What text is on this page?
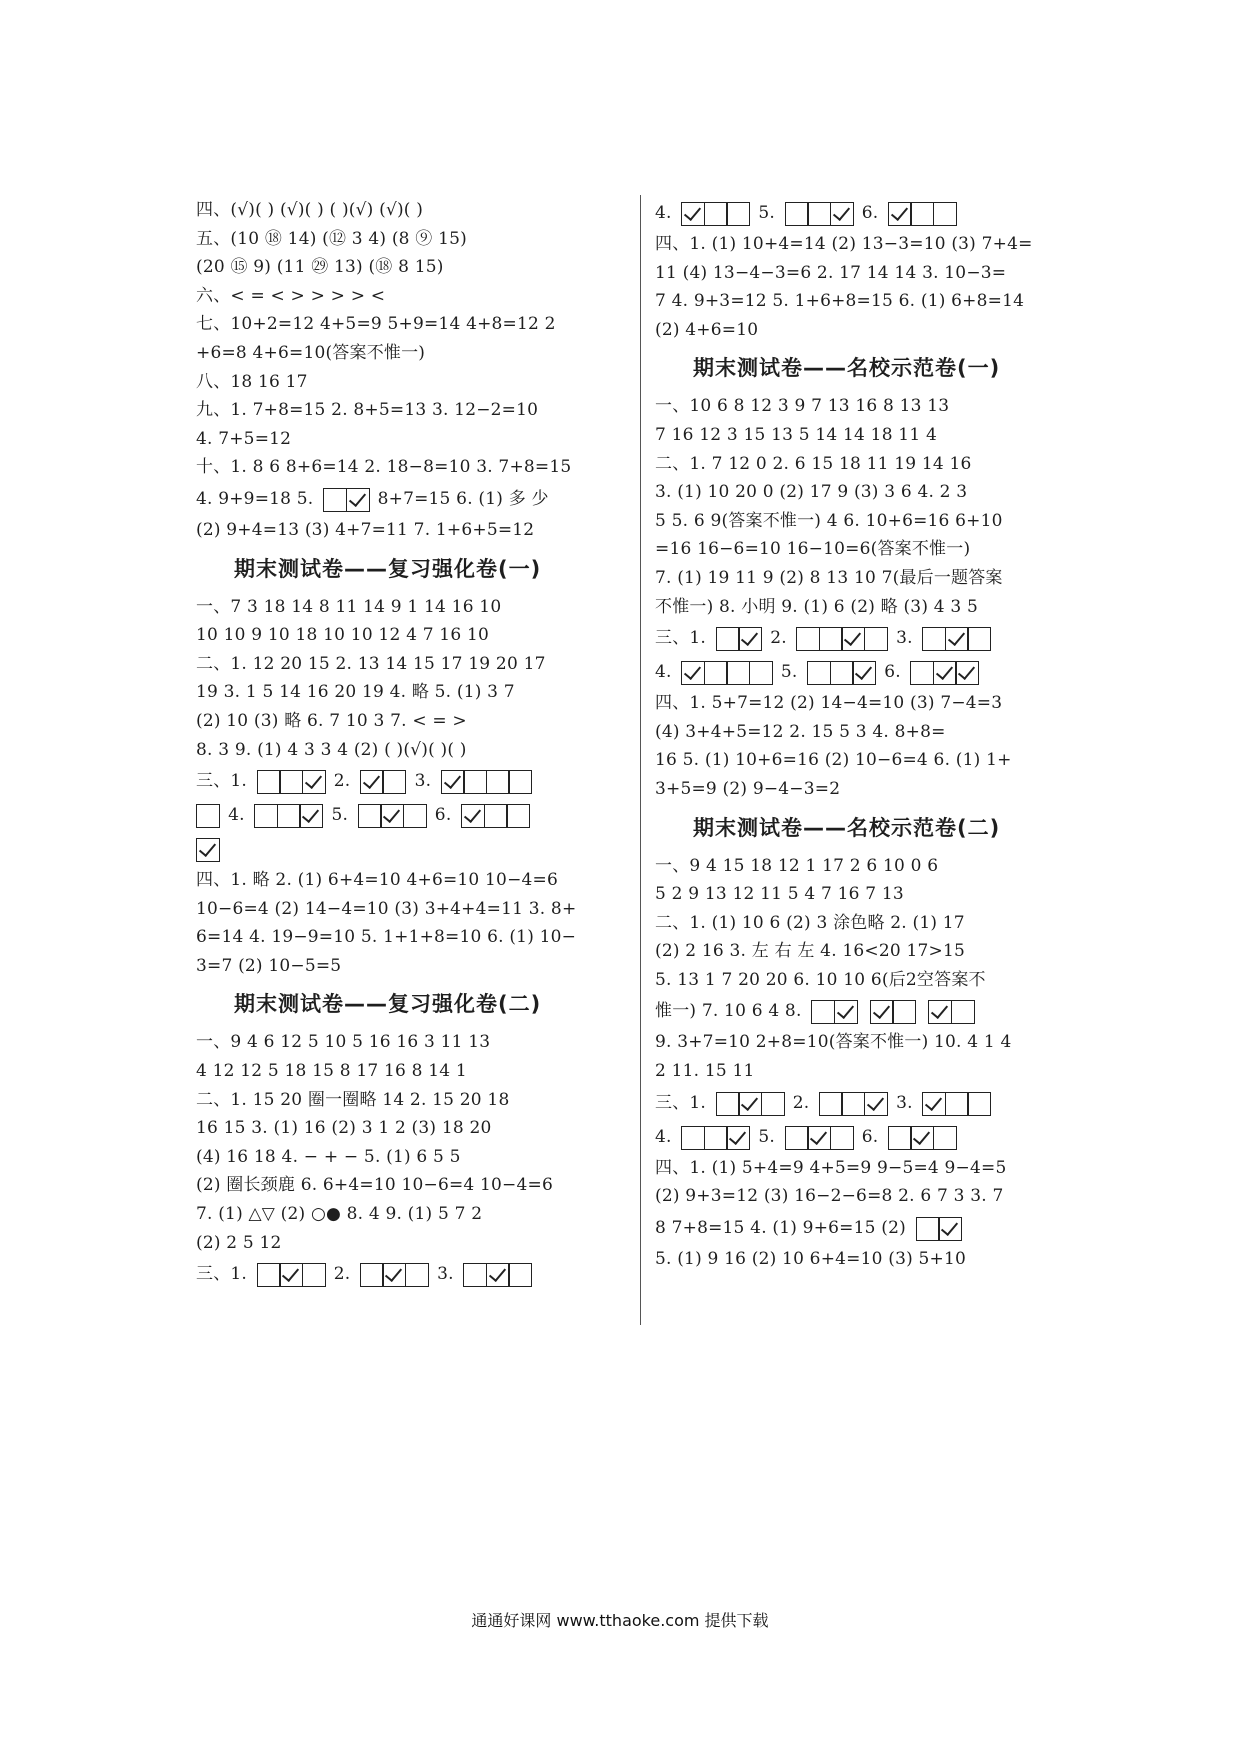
四、(√)( ) (√)( ) ( )(√) (√)( )
五、(10 ⑱ 14) (⑫ 3 4) (8 ⑨ 15)
(20 ⑮ 9) (11 ㉙ 13) (⑱ 8 15)
六、< = < > > > > <
七、10+2=12 4+5=9 5+9=14 4+8=12 2
+6=8 4+6=10(答案不惟一)
八、18 16 17
九、1. 7+8=15 2. 8+5=13 3. 12−2=10
4. 7+5=12
十、1. 8 6 8+6=14 2. 18−8=10 3. 7+8=15
4. 9+9=18 5.	8+7=15 6. (1) 多 少
(2) 9+4=13 (3) 4+7=11 7. 1+6+5=12
期末测试卷——复习强化卷(一)
一、7 3 18 14 8 11 14 9 1 14 16 10
10 10 9 10 18 10 10 12 4 7 16 10
二、1. 12 20 15 2. 13 14 15 17 19 20 17
19 3. 1 5 14 16 20 19 4. 略 5. (1) 3 7
(2) 10 (3) 略 6. 7 10 3 7. < = >
8. 3 9. (1) 4 3 3 4 (2) ( )(√)( )( )
三、1.	2.	3.
4.	5.	6.
四、1. 略 2. (1) 6+4=10 4+6=10 10−4=6
10−6=4 (2) 14−4=10 (3) 3+4+4=11 3. 8+
6=14 4. 19−9=10 5. 1+1+8=10 6. (1) 10−
3=7 (2) 10−5=5
期末测试卷——复习强化卷(二)
一、9 4 6 12 5 10 5 16 16 3 11 13
4 12 12 5 18 15 8 17 16 8 14 1
二、1. 15 20 圈一圈略 14 2. 15 20 18
16 15 3. (1) 16 (2) 3 1 2 (3) 18 20
(4) 16 18 4. − + − 5. (1) 6 5 5
(2) 圈长颈鹿 6. 6+4=10 10−6=4 10−4=6
7. (1) △▽ (2) ○● 8. 4 9. (1) 5 7 2
(2) 2 5 12
三、1.	2.	3.
4.	5.	6.
四、1. (1) 10+4=14 (2) 13−3=10 (3) 7+4=
11 (4) 13−4−3=6 2. 17 14 14 3. 10−3=
7 4. 9+3=12 5. 1+6+8=15 6. (1) 6+8=14
(2) 4+6=10
期末测试卷——名校示范卷(一)
一、10 6 8 12 3 9 7 13 16 8 13 13
7 16 12 3 15 13 5 14 14 18 11 4
二、1. 7 12 0 2. 6 15 18 11 19 14 16
3. (1) 10 20 0 (2) 17 9 (3) 3 6 4. 2 3
5 5. 6 9(答案不惟一) 4 6. 10+6=16 6+10
=16 16−6=10 16−10=6(答案不惟一)
7. (1) 19 11 9 (2) 8 13 10 7(最后一题答案
不惟一) 8. 小明 9. (1) 6 (2) 略 (3) 4 3 5
三、1.	2.	3.
4.	5.	6.
四、1. 5+7=12 (2) 14−4=10 (3) 7−4=3
(4) 3+4+5=12 2. 15 5 3 4. 8+8=
16 5. (1) 10+6=16 (2) 10−6=4 6. (1) 1+
3+5=9 (2) 9−4−3=2
期末测试卷——名校示范卷(二)
一、9 4 15 18 12 1 17 2 6 10 0 6
5 2 9 13 12 11 5 4 7 16 7 13
二、1. (1) 10 6 (2) 3 涂色略 2. (1) 17
(2) 2 16 3. 左 右 左 4. 16<20 17>15
5. 13 1 7 20 20 6. 10 10 6(后2空答案不
惟一) 7. 10 6 4 8.
9. 3+7=10 2+8=10(答案不惟一) 10. 4 1 4
2 11. 15 11
三、1.	2.	3.
4.	5.	6.
四、1. (1) 5+4=9 4+5=9 9−5=4 9−4=5
(2) 9+3=12 (3) 16−2−6=8 2. 6 7 3 3. 7
8 7+8=15 4. (1) 9+6=15 (2)
5. (1) 9 16 (2) 10 6+4=10 (3) 5+10
通通好课网 www.tthaoke.com 提供下载
